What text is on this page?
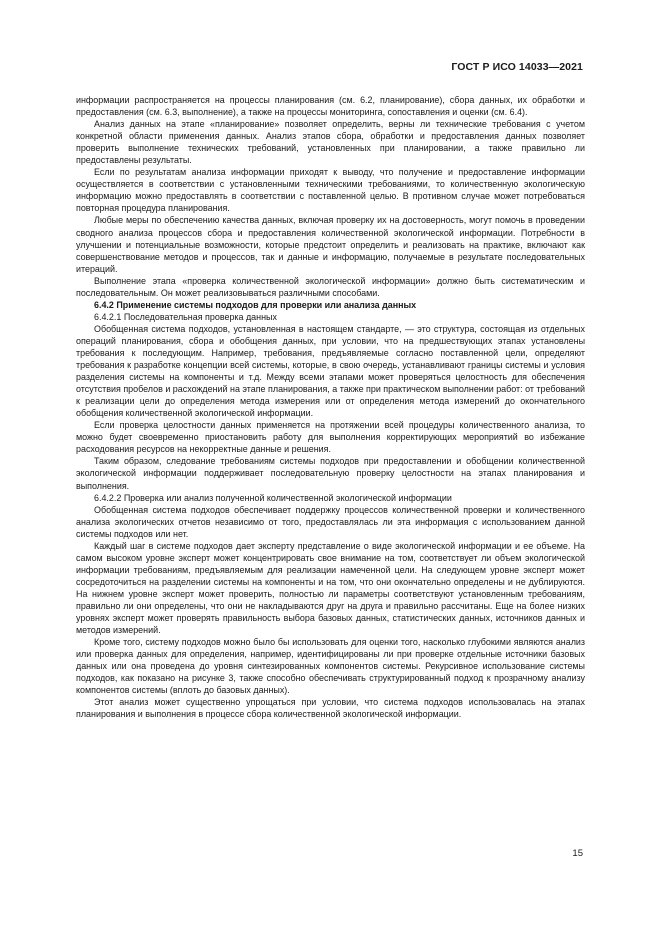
ГОСТ Р ИСО 14033—2021

информации распространяется на процессы планирования (см. 6.2, планирование), сбора данных, их обработки и предоставления (см. 6.3, выполнение), а также на процессы мониторинга, сопоставления и оценки (см. 6.4).

Анализ данных на этапе «планирование» позволяет определить, верны ли технические требования с учетом конкретной области применения данных. Анализ этапов сбора, обработки и предоставления данных позволяет проверить выполнение технических требований, установленных при планировании, а также правильно ли предоставлены результаты.

Если по результатам анализа информации приходят к выводу, что получение и предоставление информации осуществляется в соответствии с установленными техническими требованиями, то количественную экологическую информацию можно предоставлять в соответствии с поставленной целью. В противном случае может потребоваться повторная процедура планирования.

Любые меры по обеспечению качества данных, включая проверку их на достоверность, могут помочь в проведении сводного анализа процессов сбора и предоставления количественной экологической информации. Потребности в улучшении и потенциальные возможности, которые предстоит определить и реализовать на практике, включают как совершенствование методов и процессов, так и данные и информацию, получаемые в результате последовательных итераций.

Выполнение этапа «проверка количественной экологической информации» должно быть систематическим и последовательным. Он может реализовываться различными способами.

6.4.2 Применение системы подходов для проверки или анализа данных

6.4.2.1 Последовательная проверка данных

Обобщенная система подходов, установленная в настоящем стандарте, — это структура, состоящая из отдельных операций планирования, сбора и обобщения данных, при условии, что на предшествующих этапах установлены требования к последующим. Например, требования, предъявляемые согласно поставленной цели, определяют требования к разработке концепции всей системы, которые, в свою очередь, устанавливают границы системы и условия разделения системы на компоненты и т.д. Между всеми этапами может проверяться целостность для обеспечения отсутствия пробелов и расхождений на этапе планирования, а также при практическом выполнении работ: от требований к реализации цели до определения метода измерения или от определения метода измерений до окончательного обобщения количественной экологической информации.

Если проверка целостности данных применяется на протяжении всей процедуры количественного анализа, то можно будет своевременно приостановить работу для выполнения корректирующих мероприятий во избежание расходования ресурсов на некорректные данные и решения.

Таким образом, следование требованиям системы подходов при предоставлении и обобщении количественной экологической информации поддерживает последовательную проверку целостности на этапах планирования и выполнения.

6.4.2.2 Проверка или анализ полученной количественной экологической информации

Обобщенная система подходов обеспечивает поддержку процессов количественной проверки и количественного анализа экологических отчетов независимо от того, предоставлялась ли эта информация с использованием данной системы подходов или нет.

Каждый шаг в системе подходов дает эксперту представление о виде экологической информации и ее объеме. На самом высоком уровне эксперт может концентрировать свое внимание на том, соответствует ли объем экологической информации требованиям, предъявляемым для реализации намеченной цели. На следующем уровне эксперт может сосредоточиться на разделении системы на компоненты и на том, что они окончательно определены и не дублируются. На нижнем уровне эксперт может проверить, полностью ли параметры соответствуют установленным требованиям, правильно ли они определены, что они не накладываются друг на друга и правильно рассчитаны. Еще на более низких уровнях эксперт может проверять правильность выбора базовых данных, статистических данных, источников данных и методов измерений.

Кроме того, систему подходов можно было бы использовать для оценки того, насколько глубокими являются анализ или проверка данных для определения, например, идентифицированы ли при проверке отдельные источники базовых данных или она проведена до уровня синтезированных компонентов системы. Рекурсивное использование системы подходов, как показано на рисунке 3, также способно обеспечивать структурированный подход к прозрачному анализу компонентов системы (вплоть до базовых данных).

Этот анализ может существенно упрощаться при условии, что система подходов использовалась на этапах планирования и выполнения в процессе сбора количественной экологической информации.

15
